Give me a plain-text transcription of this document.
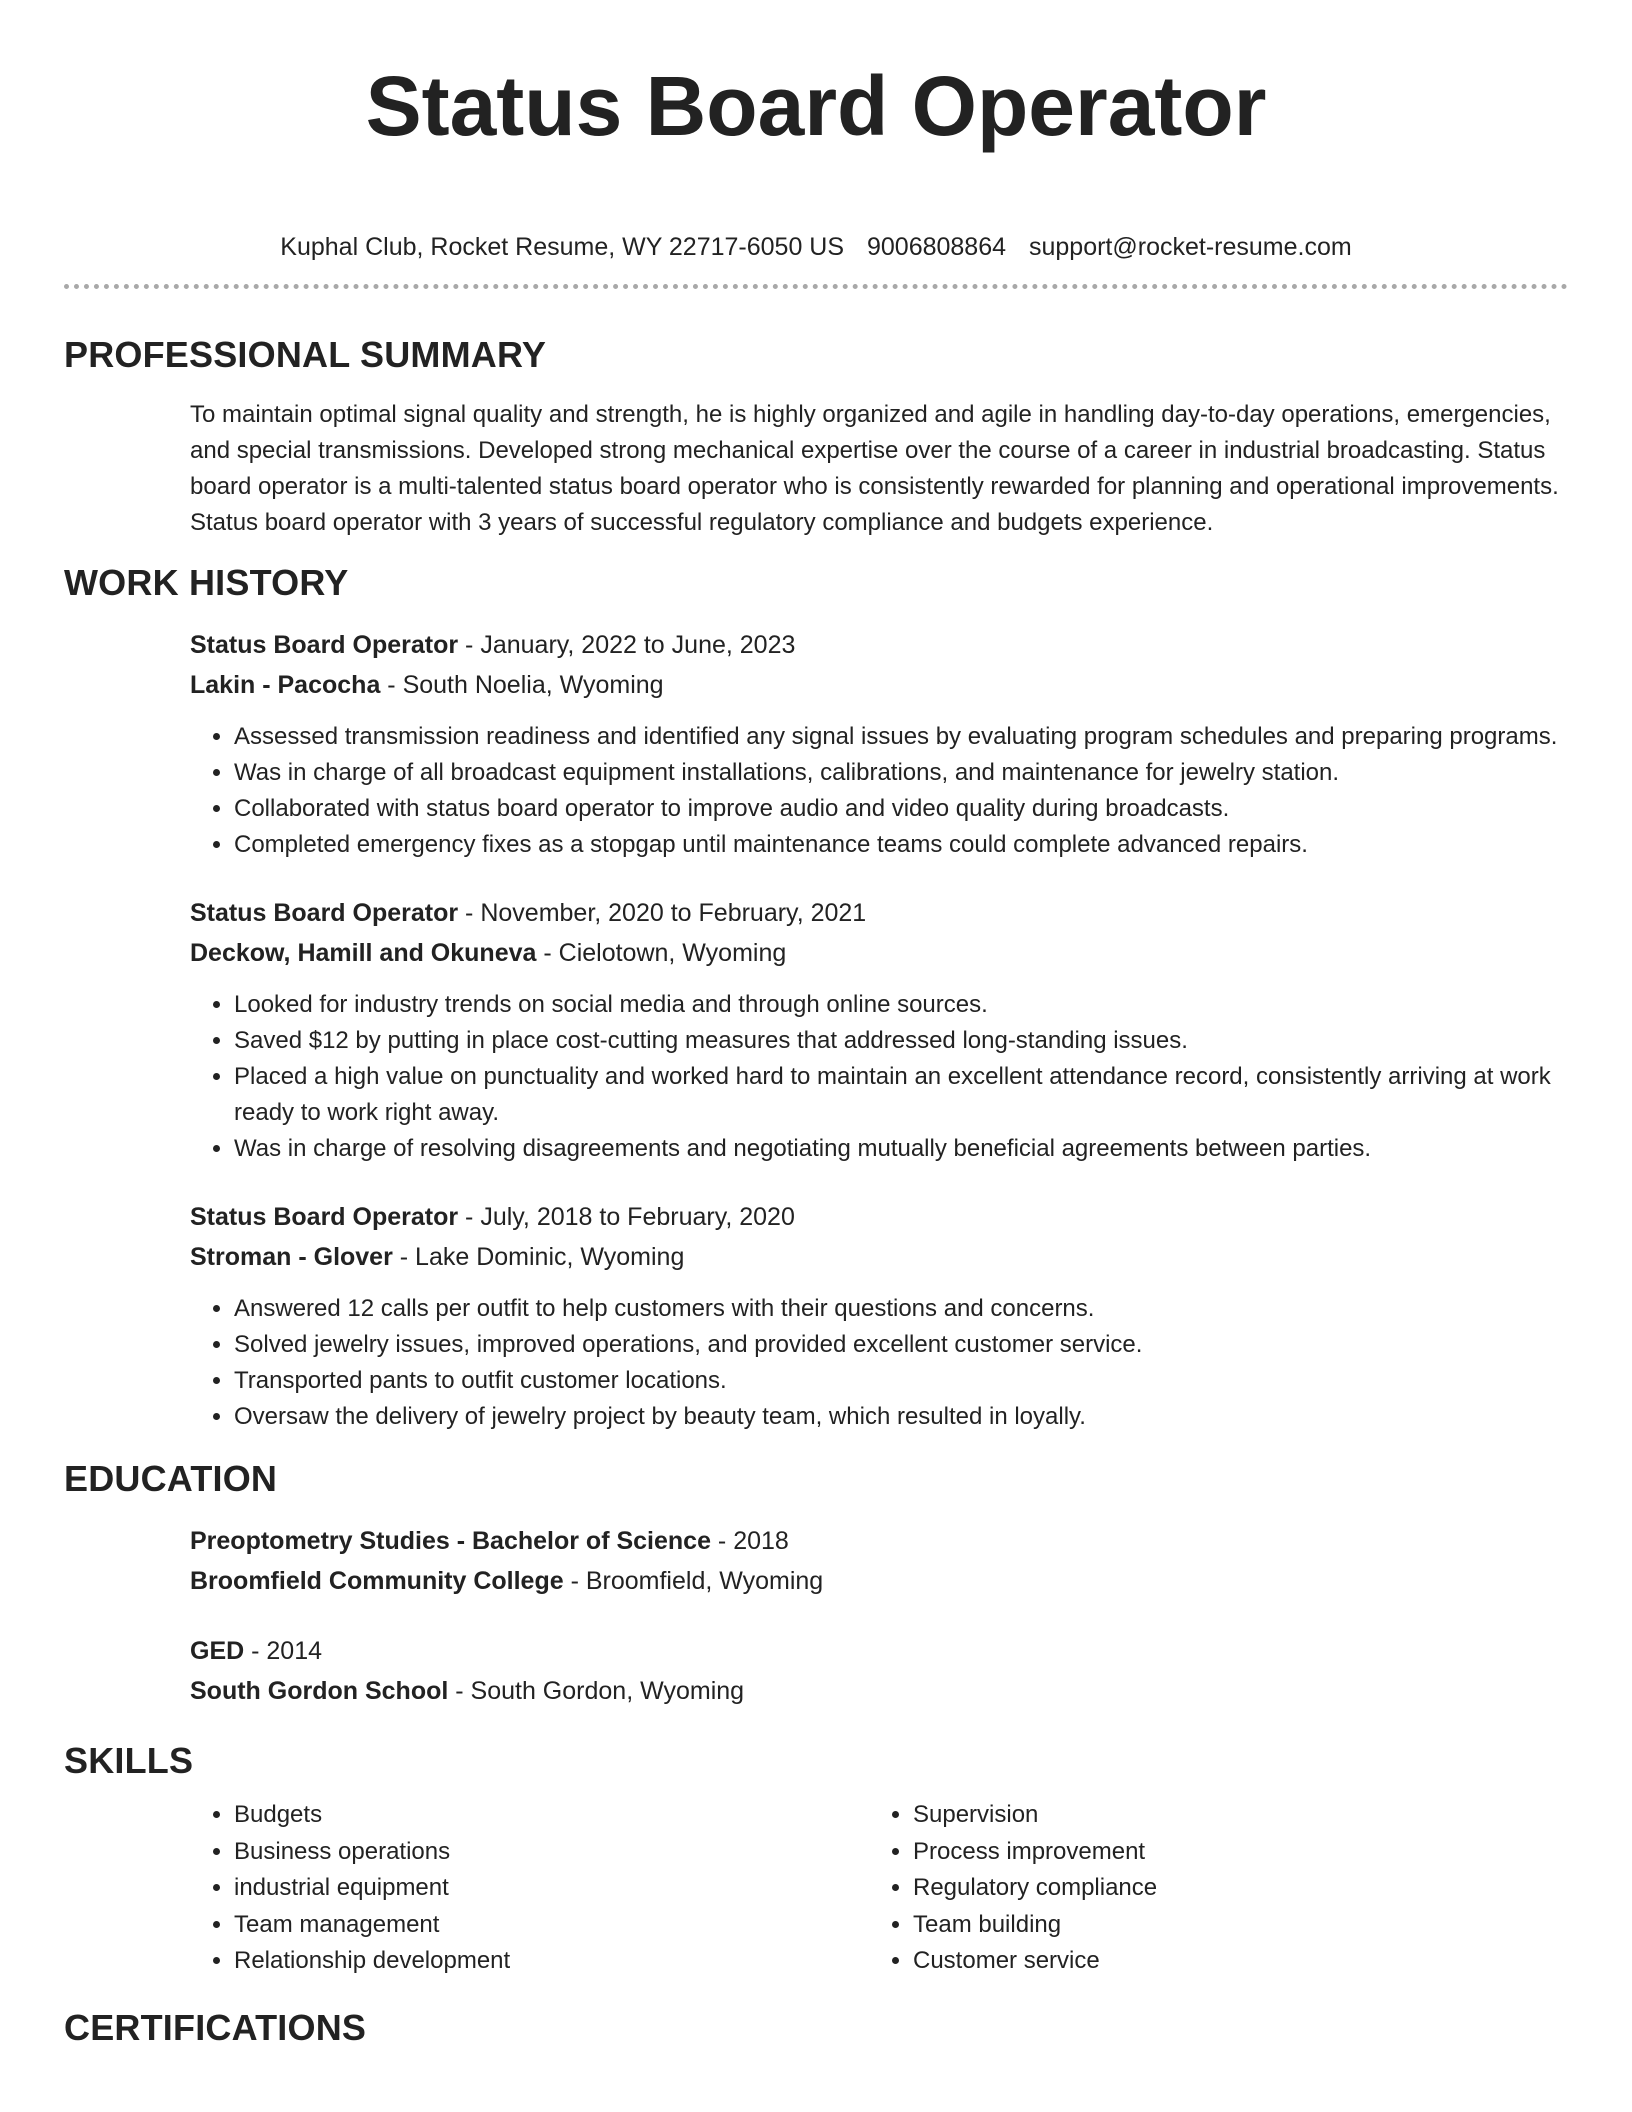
Status Board Operator
Kuphal Club, Rocket Resume, WY 22717-6050 US 9006808864 support@rocket-resume.com
PROFESSIONAL SUMMARY
To maintain optimal signal quality and strength, he is highly organized and agile in handling day-to-day operations, emergencies, and special transmissions. Developed strong mechanical expertise over the course of a career in industrial broadcasting. Status board operator is a multi-talented status board operator who is consistently rewarded for planning and operational improvements. Status board operator with 3 years of successful regulatory compliance and budgets experience.
WORK HISTORY
Status Board Operator - January, 2022 to June, 2023
Lakin - Pacocha - South Noelia, Wyoming
• Assessed transmission readiness and identified any signal issues by evaluating program schedules and preparing programs.
• Was in charge of all broadcast equipment installations, calibrations, and maintenance for jewelry station.
• Collaborated with status board operator to improve audio and video quality during broadcasts.
• Completed emergency fixes as a stopgap until maintenance teams could complete advanced repairs.
Status Board Operator - November, 2020 to February, 2021
Deckow, Hamill and Okuneva - Cielotown, Wyoming
• Looked for industry trends on social media and through online sources.
• Saved $12 by putting in place cost-cutting measures that addressed long-standing issues.
• Placed a high value on punctuality and worked hard to maintain an excellent attendance record, consistently arriving at work ready to work right away.
• Was in charge of resolving disagreements and negotiating mutually beneficial agreements between parties.
Status Board Operator - July, 2018 to February, 2020
Stroman - Glover - Lake Dominic, Wyoming
• Answered 12 calls per outfit to help customers with their questions and concerns.
• Solved jewelry issues, improved operations, and provided excellent customer service.
• Transported pants to outfit customer locations.
• Oversaw the delivery of jewelry project by beauty team, which resulted in loyally.
EDUCATION
Preoptometry Studies - Bachelor of Science - 2018
Broomfield Community College - Broomfield, Wyoming
GED - 2014
South Gordon School - South Gordon, Wyoming
SKILLS
• Budgets
• Business operations
• industrial equipment
• Team management
• Relationship development
• Supervision
• Process improvement
• Regulatory compliance
• Team building
• Customer service
CERTIFICATIONS
